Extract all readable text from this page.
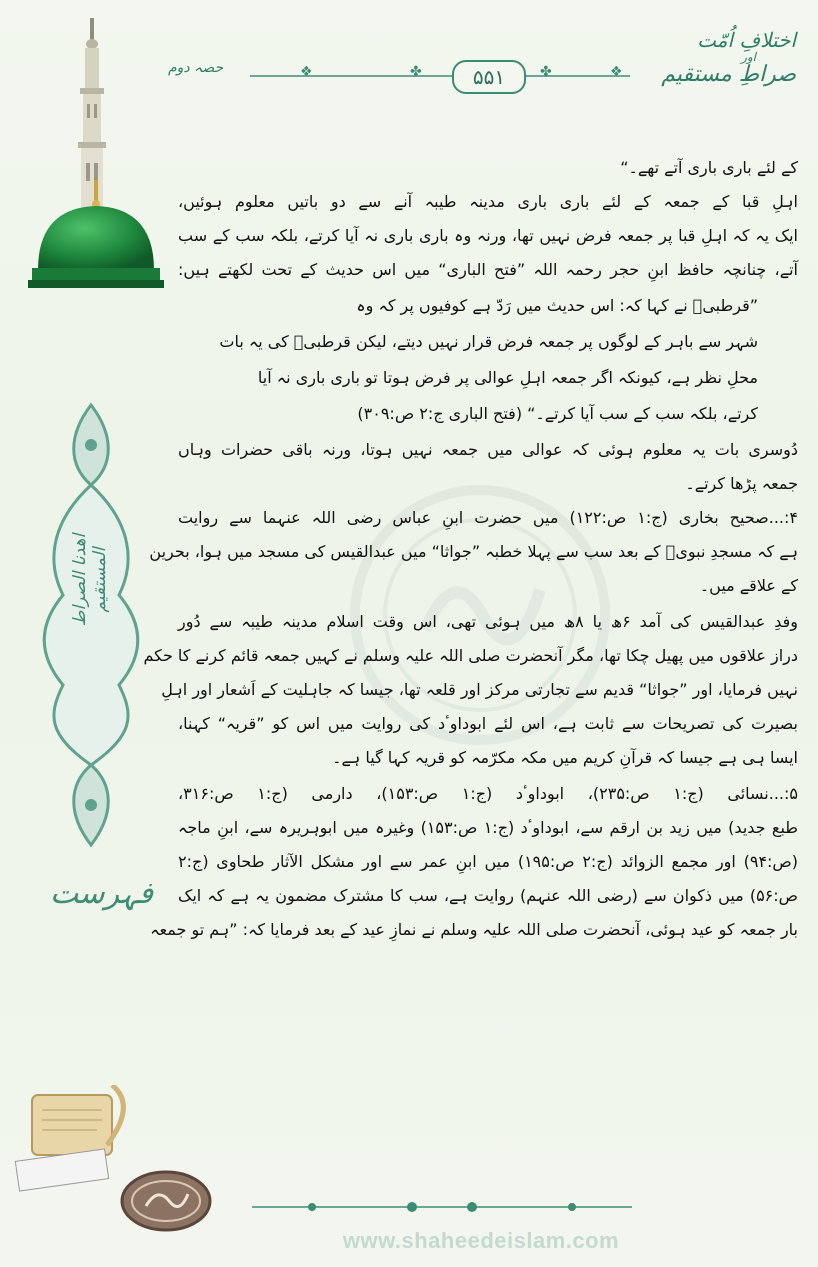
اختلافِ اُمّت
اور
صراطِ مستقیم
حصہ دوم	❖	✤	✤	❖
۵۵۱
اهدنا الصراط المستقیم
فہرست
کے لئے باری باری آتے تھے۔“
اہلِ قبا کے جمعہ کے لئے باری باری مدینہ طیبہ آنے سے دو باتیں معلوم ہوئیں،
ایک یہ کہ اہلِ قبا پر جمعہ فرض نہیں تھا، ورنہ وہ باری باری نہ آیا کرتے، بلکہ سب کے سب
آتے، چنانچہ حافظ ابنِ حجر رحمہ اللہ ”فتح الباری“ میں اس حدیث کے تحت لکھتے ہیں:
”قرطبیؒ نے کہا کہ: اس حدیث میں رَدّ ہے کوفیوں پر کہ وہ
شہر سے باہر کے لوگوں پر جمعہ فرض قرار نہیں دیتے، لیکن قرطبیؒ کی یہ بات
محلِ نظر ہے، کیونکہ اگر جمعہ اہلِ عوالی پر فرض ہوتا تو باری باری نہ آیا
کرتے، بلکہ سب کے سب آیا کرتے۔“ (فتح الباری ج:۲ ص:۳۰۹)
دُوسری بات یہ معلوم ہوئی کہ عوالی میں جمعہ نہیں ہوتا، ورنہ باقی حضرات وہاں
جمعہ پڑھا کرتے۔
۴:...صحیح بخاری (ج:۱ ص:۱۲۲) میں حضرت ابنِ عباس رضی اللہ عنہما سے روایت
ہے کہ مسجدِ نبویؐ کے بعد سب سے پہلا خطبہ ”جواثا“ میں عبدالقیس کی مسجد میں ہوا، بحرین
کے علاقے میں۔
وفدِ عبدالقیس کی آمد ۶ھ یا ۸ھ میں ہوئی تھی، اس وقت اسلام مدینہ طیبہ سے دُور
دراز علاقوں میں پھیل چکا تھا، مگر آنحضرت صلی اللہ علیہ وسلم نے کہیں جمعہ قائم کرنے کا حکم
نہیں فرمایا، اور ”جواثا“ قدیم سے تجارتی مرکز اور قلعہ تھا، جیسا کہ جاہلیت کے اَشعار اور اہلِ
بصیرت کی تصریحات سے ثابت ہے، اس لئے ابوداوٴد کی روایت میں اس کو ”قریہ“ کہنا،
ایسا ہی ہے جیسا کہ قرآنِ کریم میں مکہ مکرّمہ کو قریہ کہا گیا ہے۔
۵:...نسائی (ج:۱ ص:۲۳۵)، ابوداوٴد (ج:۱ ص:۱۵۳)، دارمی (ج:۱ ص:۳۱۶،
طبع جدید) میں زید بن ارقم سے، ابوداوٴد (ج:۱ ص:۱۵۳) وغیرہ میں ابوہریرہ سے، ابنِ ماجہ
(ص:۹۴) اور مجمع الزوائد (ج:۲ ص:۱۹۵) میں ابنِ عمر سے اور مشکل الآثار طحاوی (ج:۲
ص:۵۶) میں ذکوان سے (رضی اللہ عنہم) روایت ہے، سب کا مشترک مضمون یہ ہے کہ ایک
بار جمعہ کو عید ہوئی، آنحضرت صلی اللہ علیہ وسلم نے نمازِ عید کے بعد فرمایا کہ: ”ہم تو جمعہ
www.shaheedeislam.com
